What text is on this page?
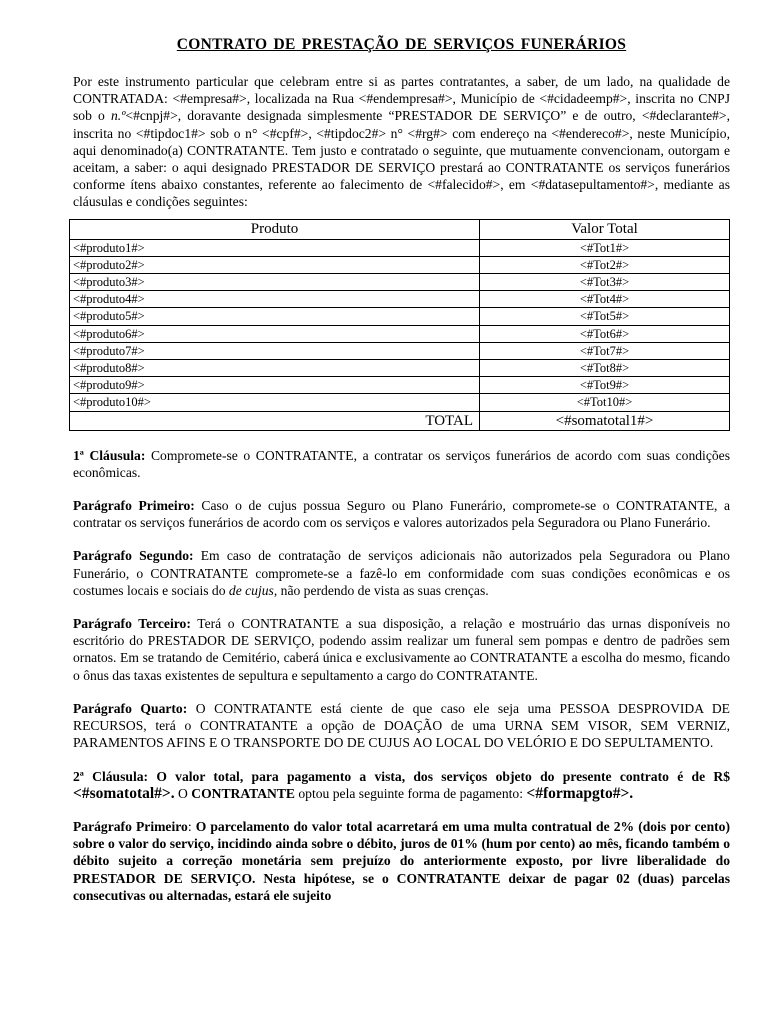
CONTRATO DE PRESTAÇÃO DE SERVIÇOS FUNERÁRIOS

Por este instrumento particular que celebram entre si as partes contratantes, a saber, de um lado, na qualidade de CONTRATADA: <#empresa#>, localizada na Rua <#endempresa#>, Município de <#cidadeemp#>, inscrita no CNPJ sob o n.º<#cnpj#>, doravante designada simplesmente “PRESTADOR DE SERVIÇO” e de outro, <#declarante#>, inscrita no <#tipdoc1#> sob o n° <#cpf#>, <#tipdoc2#> n° <#rg#> com endereço na <#endereco#>, neste Município, aqui denominado(a) CONTRATANTE. Tem justo e contratado o seguinte, que mutuamente convencionam, outorgam e aceitam, a saber: o aqui designado PRESTADOR DE SERVIÇO prestará ao CONTRATANTE os serviços funerários conforme ítens abaixo constantes, referente ao falecimento de <#falecido#>, em <#datasepultamento#>, mediante as cláusulas e condições seguintes:

Produto	Valor Total
<#produto1#>	<#Tot1#>
<#produto2#>	<#Tot2#>
<#produto3#>	<#Tot3#>
<#produto4#>	<#Tot4#>
<#produto5#>	<#Tot5#>
<#produto6#>	<#Tot6#>
<#produto7#>	<#Tot7#>
<#produto8#>	<#Tot8#>
<#produto9#>	<#Tot9#>
<#produto10#>	<#Tot10#>
TOTAL	<#somatotal1#>

1ª Cláusula: Compromete-se o CONTRATANTE, a contratar os serviços funerários de acordo com suas condições econômicas.

Parágrafo Primeiro: Caso o de cujus possua Seguro ou Plano Funerário, compromete-se o CONTRATANTE, a contratar os serviços funerários de acordo com os serviços e valores autorizados pela Seguradora ou Plano Funerário.

Parágrafo Segundo: Em caso de contratação de serviços adicionais não autorizados pela Seguradora ou Plano Funerário, o CONTRATANTE compromete-se a fazê-lo em conformidade com suas condições econômicas e os costumes locais e sociais do de cujus, não perdendo de vista as suas crenças.

Parágrafo Terceiro: Terá o CONTRATANTE a sua disposição, a relação e mostruário das urnas disponíveis no escritório do PRESTADOR DE SERVIÇO, podendo assim realizar um funeral sem pompas e dentro de padrões sem ornatos. Em se tratando de Cemitério, caberá única e exclusivamente ao CONTRATANTE a escolha do mesmo, ficando o ônus das taxas existentes de sepultura e sepultamento a cargo do CONTRATANTE.

Parágrafo Quarto: O CONTRATANTE está ciente de que caso ele seja uma PESSOA DESPROVIDA DE RECURSOS, terá o CONTRATANTE a opção de DOAÇÃO de uma URNA SEM VISOR, SEM VERNIZ, PARAMENTOS AFINS E O TRANSPORTE DO DE CUJUS AO LOCAL DO VELÓRIO E DO SEPULTAMENTO.

2ª Cláusula: O valor total, para pagamento a vista, dos serviços objeto do presente contrato é de R$ <#somatotal#>. O CONTRATANTE optou pela seguinte forma de pagamento: <#formapgto#>.

Parágrafo Primeiro: O parcelamento do valor total acarretará em uma multa contratual de 2% (dois por cento) sobre o valor do serviço, incidindo ainda sobre o débito, juros de 01% (hum por cento) ao mês, ficando também o débito sujeito a correção monetária sem prejuízo do anteriormente exposto, por livre liberalidade do PRESTADOR DE SERVIÇO. Nesta hipótese, se o CONTRATANTE deixar de pagar 02 (duas) parcelas consecutivas ou alternadas, estará ele sujeito
